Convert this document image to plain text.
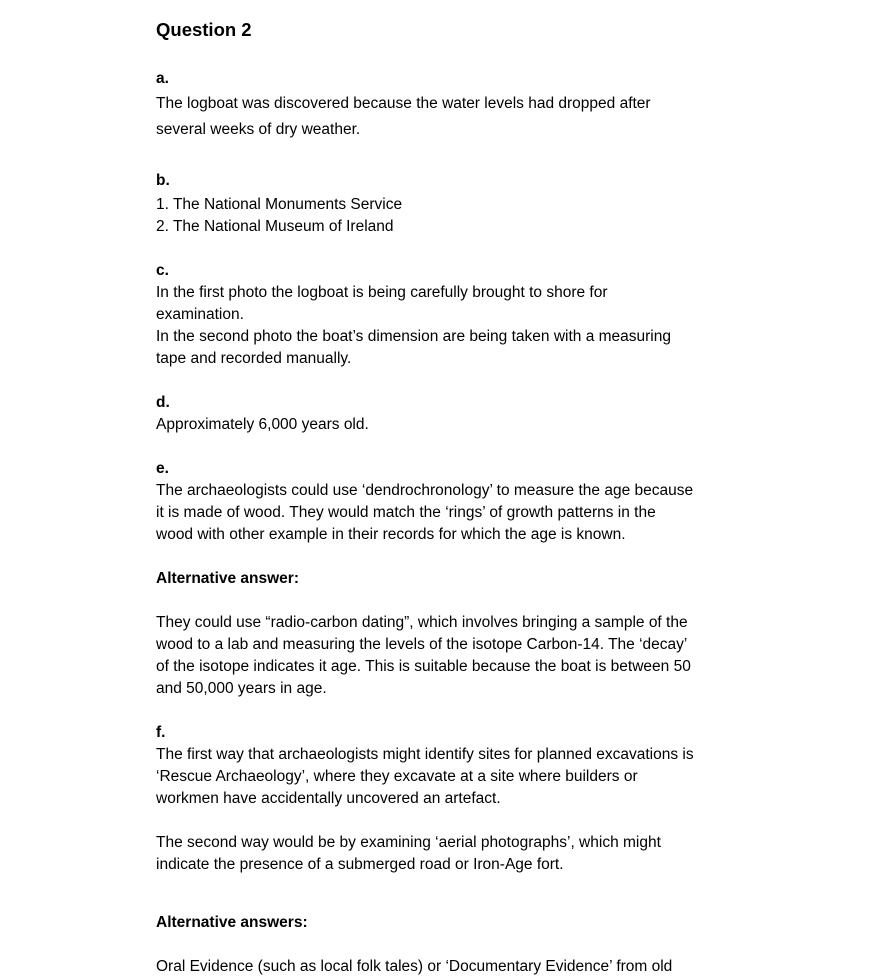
Question 2
a.
The logboat was discovered because the water levels had dropped after
several weeks of dry weather.
b.
1. The National Monuments Service
2. The National Museum of Ireland
c.
In the first photo the logboat is being carefully brought to shore for
examination.
In the second photo the boat’s dimension are being taken with a measuring
tape and recorded manually.
d.
Approximately 6,000 years old.
e.
The archaeologists could use ‘dendrochronology’ to measure the age because
it is made of wood. They would match the ‘rings’ of growth patterns in the
wood with other example in their records for which the age is known.
Alternative answer:
They could use “radio-carbon dating”, which involves bringing a sample of the
wood to a lab and measuring the levels of the isotope Carbon-14. The ‘decay’
of the isotope indicates it age. This is suitable because the boat is between 50
and 50,000 years in age.
f.
The first way that archaeologists might identify sites for planned excavations is
‘Rescue Archaeology’, where they excavate at a site where builders or
workmen have accidentally uncovered an artefact.
The second way would be by examining ‘aerial photographs’, which might
indicate the presence of a submerged road or Iron-Age fort.
Alternative answers:
Oral Evidence (such as local folk tales) or ‘Documentary Evidence’ from old
